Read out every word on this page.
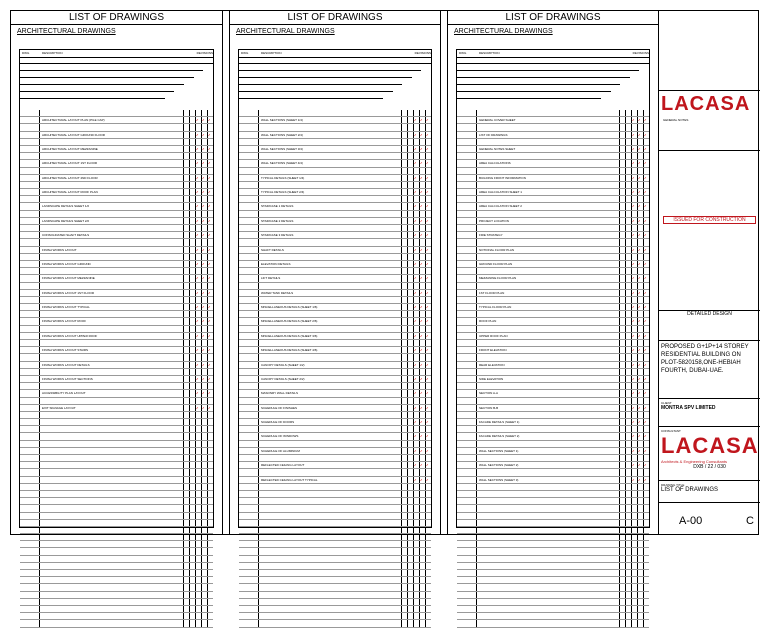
LIST OF DRAWINGS
ARCHITECTURAL DRAWINGS
DWG	DESCRIPTION	REVISIONS
ARCHITECTURAL LAYOUT PLAN (PILE CAP)	✓	✓	✓
ARCHITECTURAL LAYOUT GROUND FLOOR	✓	✓	✓
ARCHITECTURAL LAYOUT MEZZANINE	✓	✓	✓
ARCHITECTURAL LAYOUT 1ST FLOOR	✓	✓	✓
ARCHITECTURAL LAYOUT 2ND FLOOR	✓	✓	✓
ARCHITECTURAL LAYOUT ROOF PLAN	✓	✓	✓
LANDSCAPE DETAILS SHEET 1/2	✓	✓	✓
LANDSCAPE DETAILS SHEET 2/2	✓	✓	✓
CONSOLIDATED SHAFT DETAILS	✓	✓	✓
FINISH WORKS LAYOUT	✓	✓	✓
FINISH WORKS LAYOUT GROUND	✓	✓	✓
FINISH WORKS LAYOUT MEZZANINE	✓	✓	✓
FINISH WORKS LAYOUT 1ST FLOOR	✓	✓	✓
FINISH WORKS LAYOUT TYPICAL	✓	✓	✓
FINISH WORKS LAYOUT ROOF	✓	✓	✓
FINISH WORKS LAYOUT UPPER ROOF	✓	✓	✓
FINISH WORKS LAYOUT STAIRS	✓	✓	✓
FINISH WORKS LAYOUT DETAILS	✓	✓	✓
FINISH WORKS LAYOUT SECTIONS	✓	✓	✓
ACCESSIBILITY PLAN LAYOUT	✓	✓	✓
EXIT SIGNAGE LAYOUT	✓	✓	✓
LIST OF DRAWINGS
ARCHITECTURAL DRAWINGS
DWG	DESCRIPTION	REVISIONS
WALL SECTIONS (SHEET 1/4)	✓	✓	✓
WALL SECTIONS (SHEET 2/4)	✓	✓	✓
WALL SECTIONS (SHEET 3/4)	✓	✓	✓
WALL SECTIONS (SHEET 4/4)	✓	✓	✓
TYPICAL DETAILS (SHEET 1/4)	✓	✓	✓
TYPICAL DETAILS (SHEET 2/4)	✓	✓	✓
STAIRCASE 1 DETAILS	✓	✓	✓
STAIRCASE 2 DETAILS	✓	✓	✓
STAIRCASE 3 DETAILS	✓	✓	✓
SHAFT DETAILS	✓	✓	✓
ELEVATION DETAILS	✓	✓	✓
LIFT DETAILS	✓	✓	✓
WATER TANK DETAILS	✓	✓	✓
MISCELLANEOUS DETAILS (SHEET 1/6)	✓	✓	✓
MISCELLANEOUS DETAILS (SHEET 2/6)	✓	✓	✓
MISCELLANEOUS DETAILS (SHEET 3/6)	✓	✓	✓
MISCELLANEOUS DETAILS (SHEET 4/6)	✓	✓	✓
CANOPY DETAILS (SHEET 1/2)	✓	✓	✓
CANOPY DETAILS (SHEET 2/2)	✓	✓	✓
MASONRY WALL DETAILS	✓	✓	✓
SCHEDULE OF FINISHES	✓	✓	✓
SCHEDULE OF DOORS	✓	✓	✓
SCHEDULE OF WINDOWS	✓	✓	✓
SCHEDULE OF ALUMINIUM	✓	✓	✓
REFLECTED CEILING LAYOUT	✓	✓	✓
REFLECTED CEILING LAYOUT TYPICAL	✓	✓	✓
LIST OF DRAWINGS
ARCHITECTURAL DRAWINGS
DWG	DESCRIPTION	REVISIONS
GENERAL COVER SHEET	✓	✓	✓
LIST OF DRAWINGS	✓	✓	✓
GENERAL NOTES SHEET	✓	✓	✓
AREA CALCULATIONS	✓	✓	✓
BUILDING FRONT INFORMATION	✓	✓	✓
AREA CALCULATION SHEET 1	✓	✓	✓
AREA CALCULATION SHEET 2	✓	✓	✓
PROJECT LOCATION	✓	✓	✓
FIRE STRATEGY	✓	✓	✓
NOTIONAL FLOOR PLAN	✓	✓	✓
GROUND FLOOR PLAN	✓	✓	✓
MEZZANINE FLOOR PLAN	✓	✓	✓
1ST FLOOR PLAN	✓	✓	✓
TYPICAL FLOOR PLAN	✓	✓	✓
ROOF PLAN	✓	✓	✓
UPPER ROOF PLAN	✓	✓	✓
FRONT ELEVATION	✓	✓	✓
REAR ELEVATION	✓	✓	✓
SIDE ELEVATION	✓	✓	✓
SECTION A-A	✓	✓	✓
SECTION B-B	✓	✓	✓
FACADE DETAILS (SHEET 1)	✓	✓	✓
FACADE DETAILS (SHEET 2)	✓	✓	✓
WALL SECTIONS (SHEET 1)	✓	✓	✓
WALL SECTIONS (SHEET 2)	✓	✓	✓
WALL SECTIONS (SHEET 3)	✓	✓	✓
LACASA
GENERAL NOTES
ISSUED FOR CONSTRUCTION
DETAILED DESIGN
PROPOSED G+1P+14 STOREY RESIDENTIAL BUILDING ON PLOT-5820158,ONE-HEBIAH FOURTH, DUBAI-UAE.
CLIENT
MONTRA SPV LIMITED
CONSULTANT
LACASA
Architects & Engineering Consultants
DXB / 22 / 030
DRAWING TITLE
LIST OF DRAWINGS
A-00	C
